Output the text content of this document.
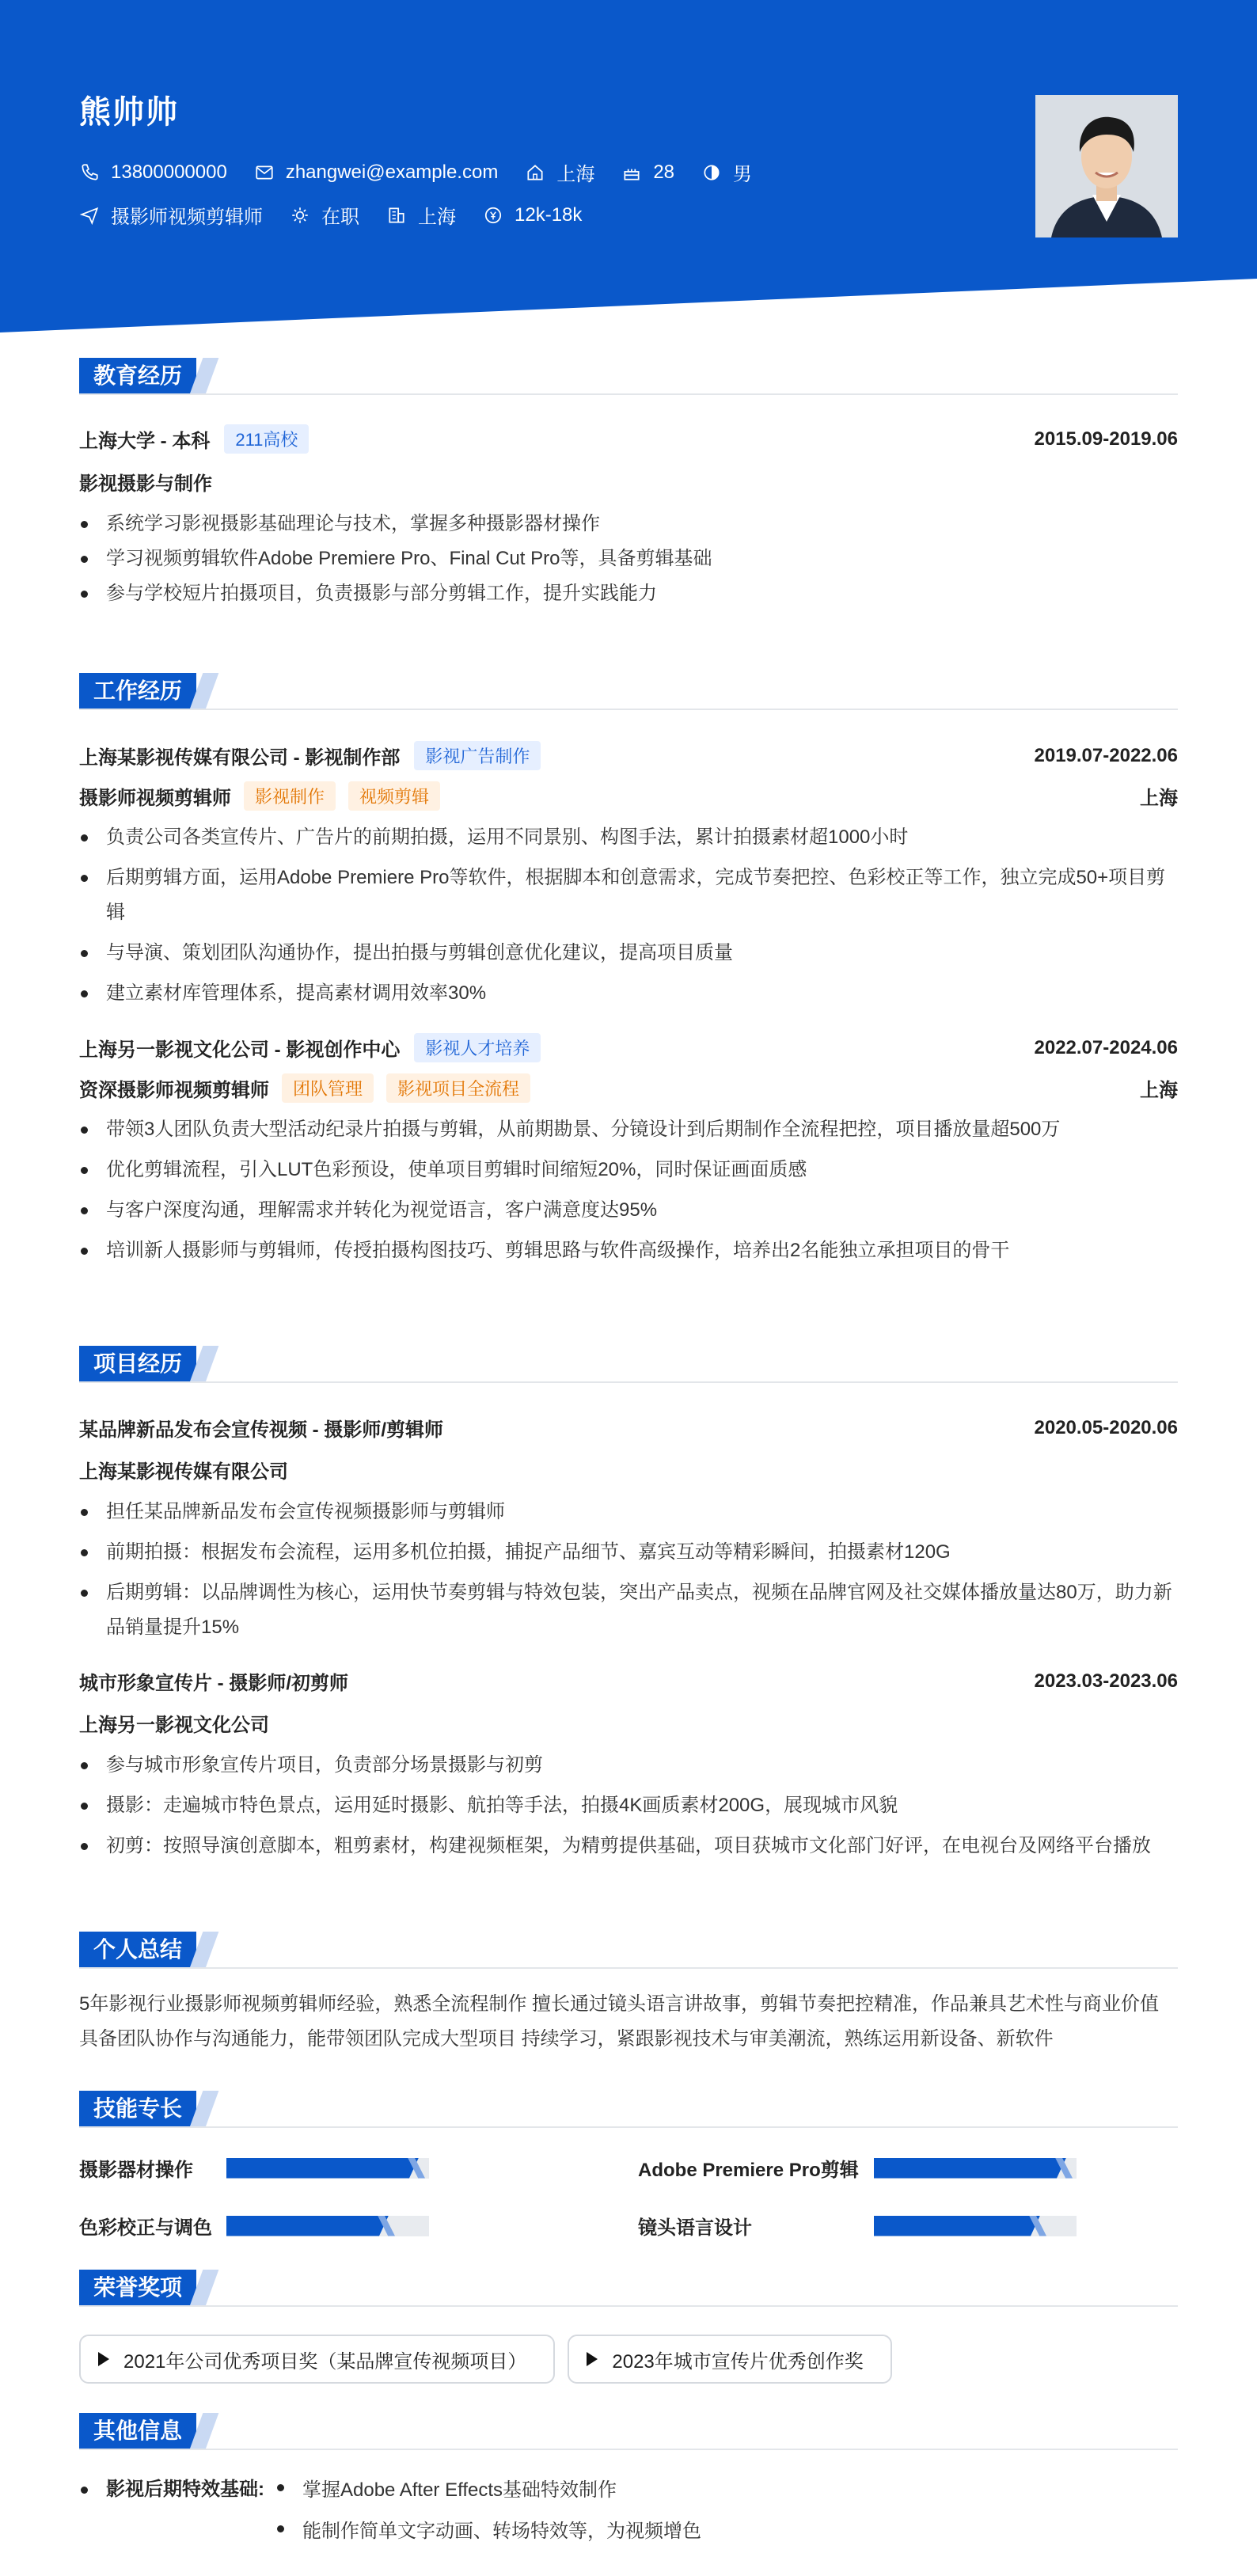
熊帅帅
13800000000	zhangwei@example.com	上海	28	男
摄影师视频剪辑师	在职	上海	12k-18k
教育经历
上海大学 - 本科	211高校	2015.09-2019.06
影视摄影与制作
系统学习影视摄影基础理论与技术，掌握多种摄影器材操作
学习视频剪辑软件Adobe Premiere Pro、Final Cut Pro等，具备剪辑基础
参与学校短片拍摄项目，负责摄影与部分剪辑工作，提升实践能力
工作经历
上海某影视传媒有限公司 - 影视制作部	影视广告制作	2019.07-2022.06
摄影师视频剪辑师	影视制作	视频剪辑	上海
负责公司各类宣传片、广告片的前期拍摄，运用不同景别、构图手法，累计拍摄素材超1000小时
后期剪辑方面，运用Adobe Premiere Pro等软件，根据脚本和创意需求，完成节奏把控、色彩校正等工作，独立完成50+项目剪辑
与导演、策划团队沟通协作，提出拍摄与剪辑创意优化建议，提高项目质量
建立素材库管理体系，提高素材调用效率30%
上海另一影视文化公司 - 影视创作中心	影视人才培养	2022.07-2024.06
资深摄影师视频剪辑师	团队管理	影视项目全流程	上海
带领3人团队负责大型活动纪录片拍摄与剪辑，从前期勘景、分镜设计到后期制作全流程把控，项目播放量超500万
优化剪辑流程，引入LUT色彩预设，使单项目剪辑时间缩短20%，同时保证画面质感
与客户深度沟通，理解需求并转化为视觉语言，客户满意度达95%
培训新人摄影师与剪辑师，传授拍摄构图技巧、剪辑思路与软件高级操作，培养出2名能独立承担项目的骨干
项目经历
某品牌新品发布会宣传视频 - 摄影师/剪辑师	2020.05-2020.06
上海某影视传媒有限公司
担任某品牌新品发布会宣传视频摄影师与剪辑师
前期拍摄：根据发布会流程，运用多机位拍摄，捕捉产品细节、嘉宾互动等精彩瞬间，拍摄素材120G
后期剪辑：以品牌调性为核心，运用快节奏剪辑与特效包装，突出产品卖点，视频在品牌官网及社交媒体播放量达80万，助力新品销量提升15%
城市形象宣传片 - 摄影师/初剪师	2023.03-2023.06
上海另一影视文化公司
参与城市形象宣传片项目，负责部分场景摄影与初剪
摄影：走遍城市特色景点，运用延时摄影、航拍等手法，拍摄4K画质素材200G，展现城市风貌
初剪：按照导演创意脚本，粗剪素材，构建视频框架，为精剪提供基础，项目获城市文化部门好评，在电视台及网络平台播放
个人总结

5年影视行业摄影师视频剪辑师经验，熟悉全流程制作 擅长通过镜头语言讲故事，剪辑节奏把控精准，作品兼具艺术性与商业价值

具备团队协作与沟通能力，能带领团队完成大型项目 持续学习，紧跟影视技术与审美潮流，熟练运用新设备、新软件

技能专长
摄影器材操作	Adobe Premiere Pro剪辑
色彩校正与调色	镜头语言设计
荣誉奖项
2021年公司优秀项目奖（某品牌宣传视频项目）	2023年城市宣传片优秀创作奖
其他信息
影视后期特效基础:	掌握Adobe After Effects基础特效制作
能制作简单文字动画、转场特效等，为视频增色
